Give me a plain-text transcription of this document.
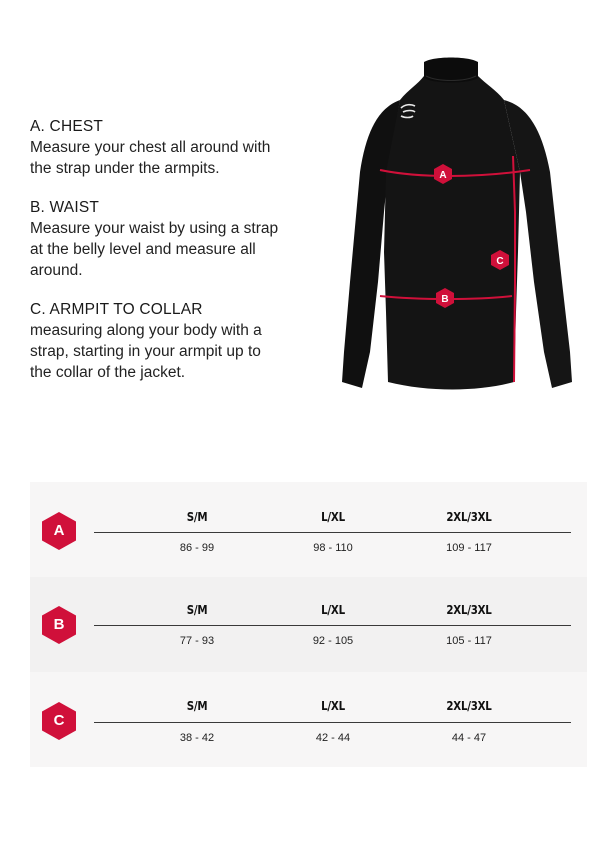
A. CHEST

Measure your chest all around with

the strap under the armpits.

B. WAIST

Measure your waist by using a strap

at the belly level and measure all

around.

C. ARMPIT TO COLLAR

measuring along your body with a

strap, starting in your armpit up to

the collar of the jacket.

A
B
C
A
S/M	L/XL	2XL/3XL
86 - 99	98 - 110	109 - 117
B
S/M	L/XL	2XL/3XL
77 - 93	92 - 105	105 - 117
C
S/M	L/XL	2XL/3XL
38 - 42	42 - 44	44 - 47
